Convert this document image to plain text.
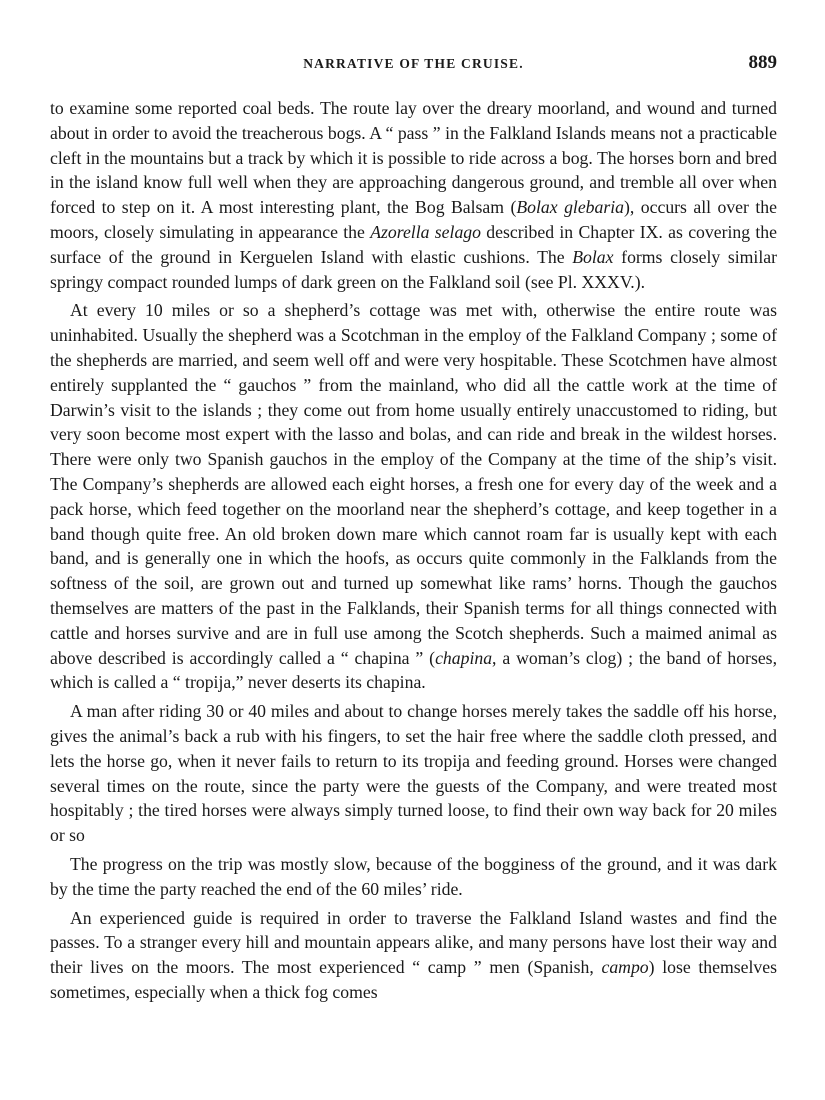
NARRATIVE OF THE CRUISE.	889

to examine some reported coal beds. The route lay over the dreary moorland, and wound and turned about in order to avoid the treacherous bogs. A “ pass ” in the Falkland Islands means not a practicable cleft in the mountains but a track by which it is possible to ride across a bog. The horses born and bred in the island know full well when they are approaching dangerous ground, and tremble all over when forced to step on it. A most interesting plant, the Bog Balsam (Bolax glebaria), occurs all over the moors, closely simulating in appearance the Azorella selago described in Chapter IX. as covering the surface of the ground in Kerguelen Island with elastic cushions. The Bolax forms closely similar springy compact rounded lumps of dark green on the Falkland soil (see Pl. XXXV.).

At every 10 miles or so a shepherd’s cottage was met with, otherwise the entire route was uninhabited. Usually the shepherd was a Scotchman in the employ of the Falkland Company ; some of the shepherds are married, and seem well off and were very hospitable. These Scotchmen have almost entirely supplanted the “ gauchos ” from the mainland, who did all the cattle work at the time of Darwin’s visit to the islands ; they come out from home usually entirely unaccustomed to riding, but very soon become most expert with the lasso and bolas, and can ride and break in the wildest horses. There were only two Spanish gauchos in the employ of the Company at the time of the ship’s visit. The Company’s shepherds are allowed each eight horses, a fresh one for every day of the week and a pack horse, which feed together on the moorland near the shepherd’s cottage, and keep together in a band though quite free. An old broken down mare which cannot roam far is usually kept with each band, and is generally one in which the hoofs, as occurs quite commonly in the Falklands from the softness of the soil, are grown out and turned up somewhat like rams’ horns. Though the gauchos themselves are matters of the past in the Falklands, their Spanish terms for all things connected with cattle and horses survive and are in full use among the Scotch shepherds. Such a maimed animal as above described is accordingly called a “ chapina ” (chapina, a woman’s clog) ; the band of horses, which is called a “ tropija,” never deserts its chapina.

A man after riding 30 or 40 miles and about to change horses merely takes the saddle off his horse, gives the animal’s back a rub with his fingers, to set the hair free where the saddle cloth pressed, and lets the horse go, when it never fails to return to its tropija and feeding ground. Horses were changed several times on the route, since the party were the guests of the Company, and were treated most hospitably ; the tired horses were always simply turned loose, to find their own way back for 20 miles or so

The progress on the trip was mostly slow, because of the bogginess of the ground, and it was dark by the time the party reached the end of the 60 miles’ ride.

An experienced guide is required in order to traverse the Falkland Island wastes and find the passes. To a stranger every hill and mountain appears alike, and many persons have lost their way and their lives on the moors. The most experienced “ camp ” men (Spanish, campo) lose themselves sometimes, especially when a thick fog comes
